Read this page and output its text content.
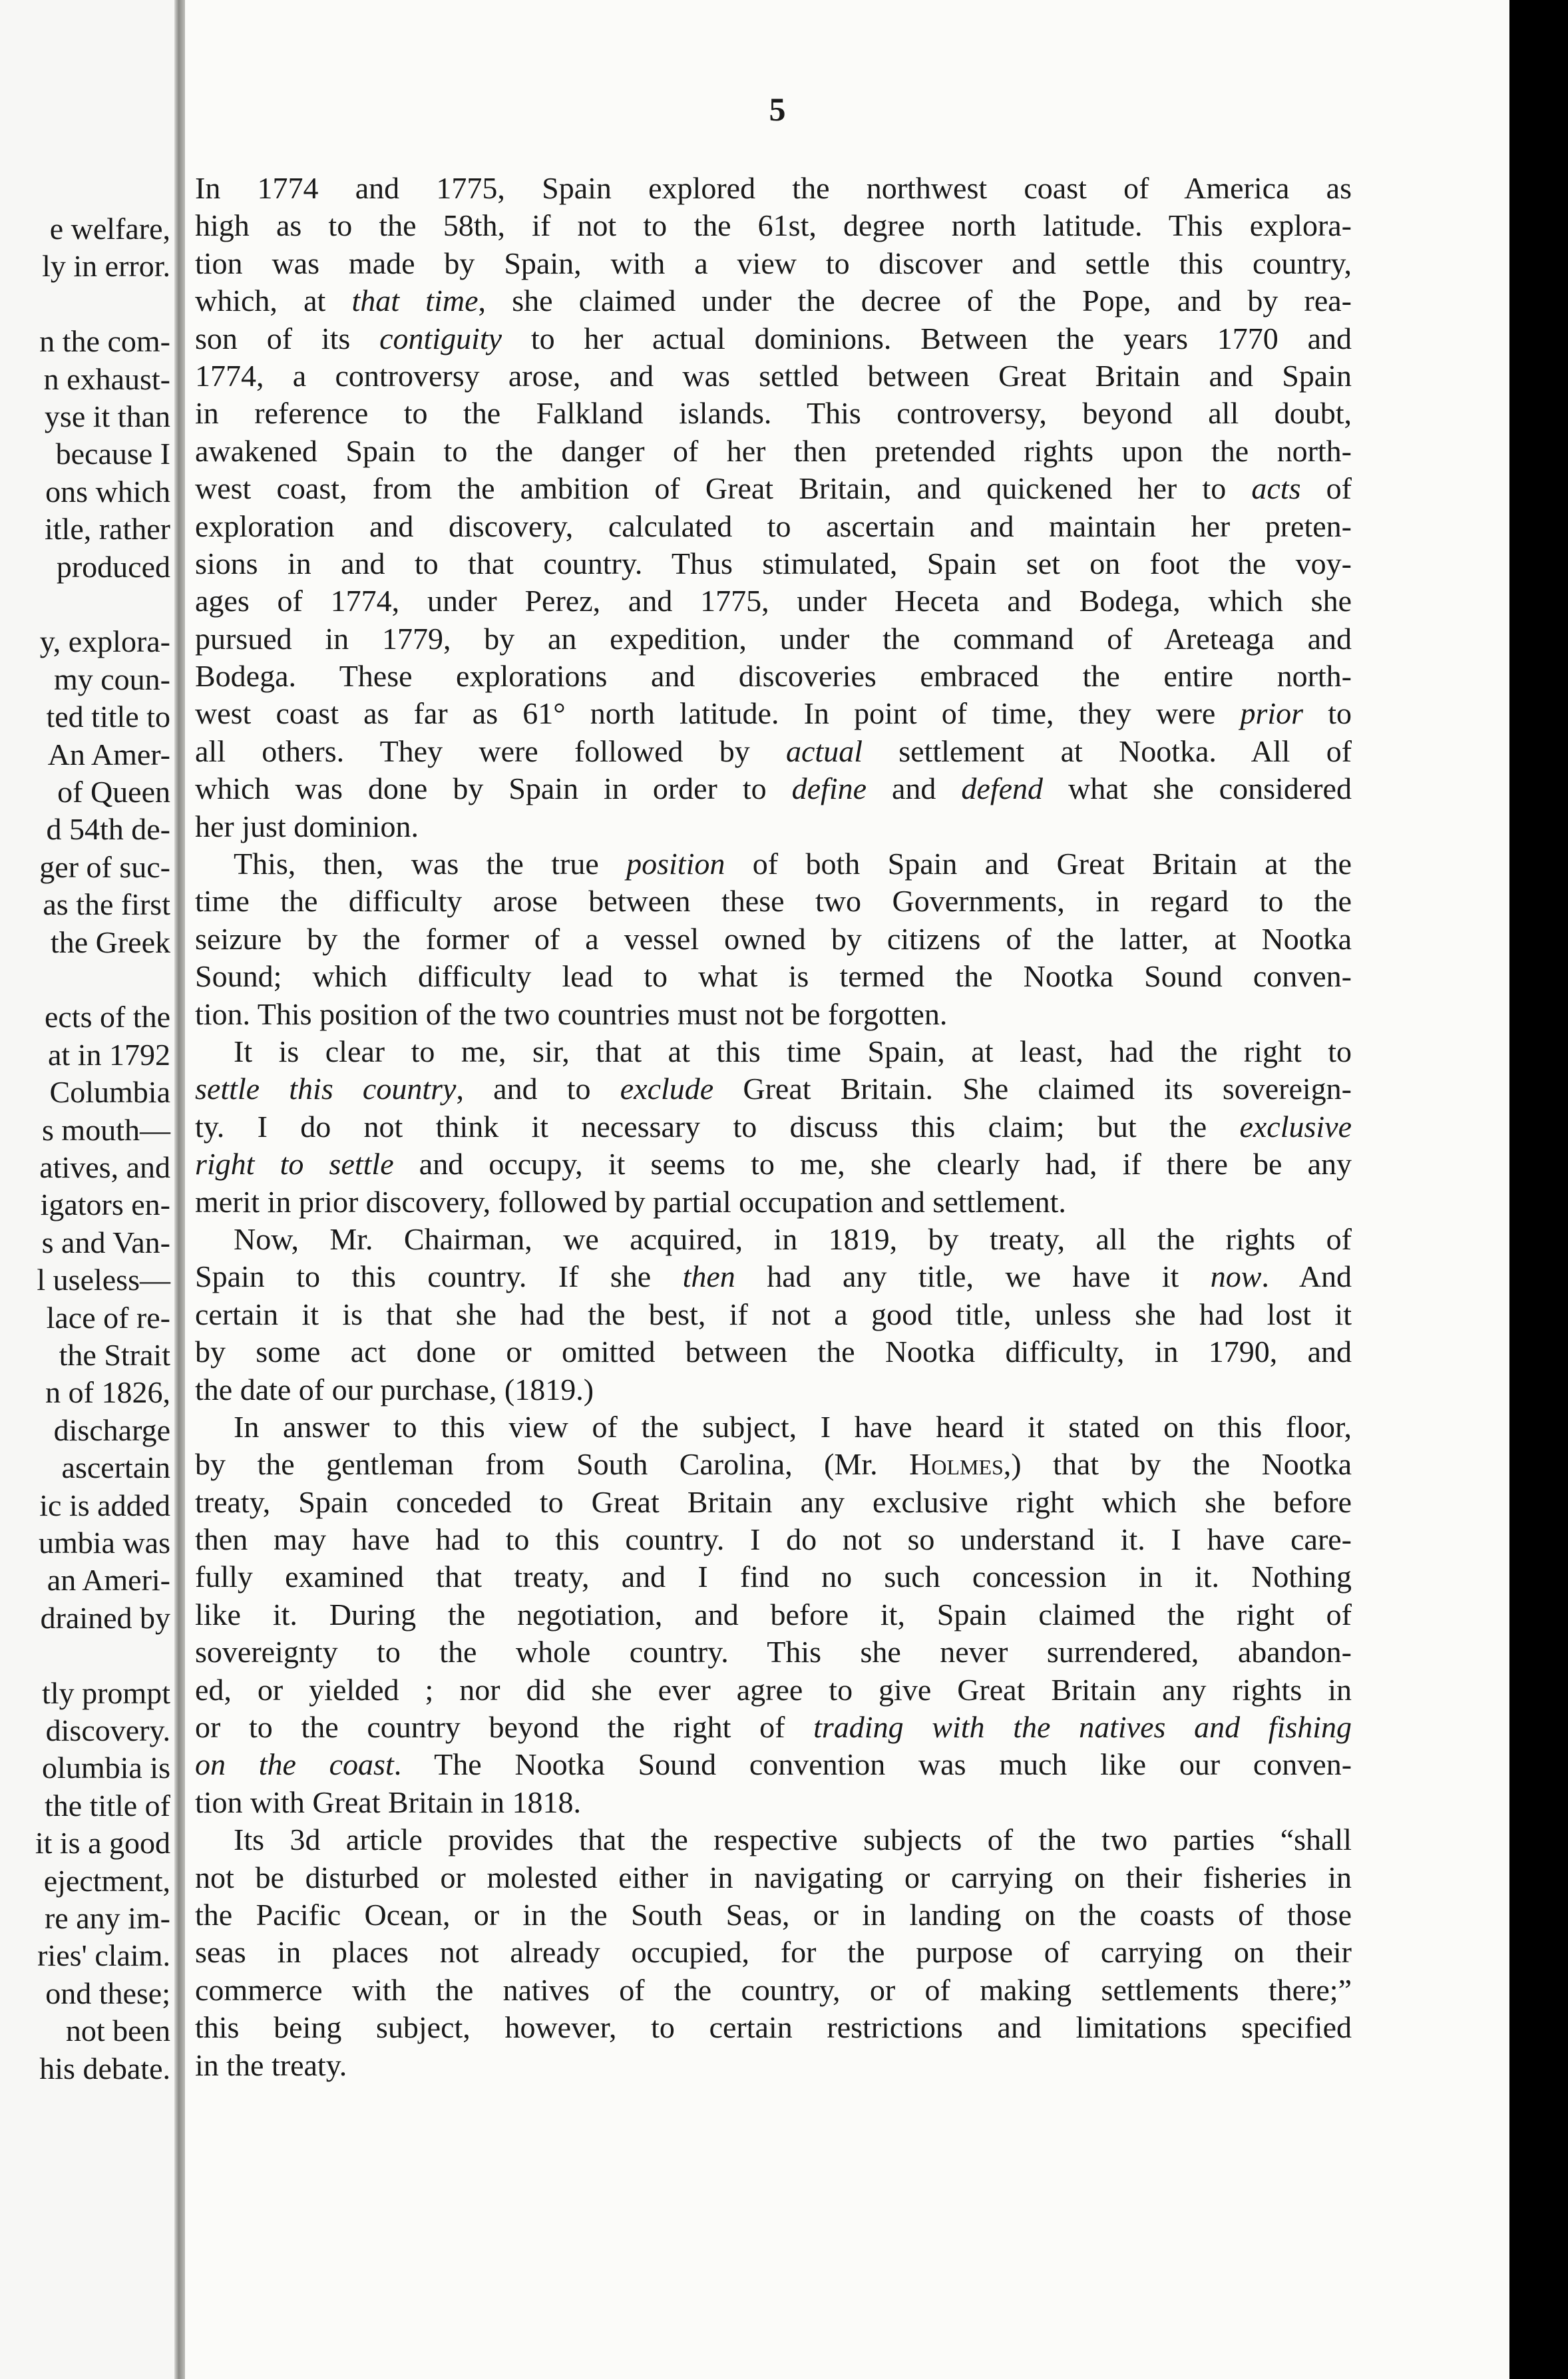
e welfare,
ly in error.
n the com-
n exhaust-
yse it than
because I
ons which
itle, rather
produced
y, explora-
my coun-
ted title to
An Amer-
of Queen
d 54th de-
ger of suc-
as the first
the Greek
ects of the
at in 1792
Columbia
s mouth—
atives, and
igators en-
s and Van-
l useless—
lace of re-
the Strait
n of 1826,
discharge
ascertain
ic is added
umbia was
an Ameri-
drained by
tly prompt
discovery.
olumbia is
the title of
it is a good
ejectment,
re any im-
ries' claim.
ond these;
not been
his debate.
5
In 1774 and 1775, Spain explored the northwest coast of America as
high as to the 58th, if not to the 61st, degree north latitude. This explora-
tion was made by Spain, with a view to discover and settle this country,
which, at that time, she claimed under the decree of the Pope, and by rea-
son of its contiguity to her actual dominions. Between the years 1770 and
1774, a controversy arose, and was settled between Great Britain and Spain
in reference to the Falkland islands. This controversy, beyond all doubt,
awakened Spain to the danger of her then pretended rights upon the north-
west coast, from the ambition of Great Britain, and quickened her to acts of
exploration and discovery, calculated to ascertain and maintain her preten-
sions in and to that country. Thus stimulated, Spain set on foot the voy-
ages of 1774, under Perez, and 1775, under Heceta and Bodega, which she
pursued in 1779, by an expedition, under the command of Areteaga and
Bodega. These explorations and discoveries embraced the entire north-
west coast as far as 61° north latitude. In point of time, they were prior to
all others. They were followed by actual settlement at Nootka. All of
which was done by Spain in order to define and defend what she considered
her just dominion.
This, then, was the true position of both Spain and Great Britain at the
time the difficulty arose between these two Governments, in regard to the
seizure by the former of a vessel owned by citizens of the latter, at Nootka
Sound; which difficulty lead to what is termed the Nootka Sound conven-
tion. This position of the two countries must not be forgotten.
It is clear to me, sir, that at this time Spain, at least, had the right to
settle this country, and to exclude Great Britain. She claimed its sovereign-
ty. I do not think it necessary to discuss this claim; but the exclusive
right to settle and occupy, it seems to me, she clearly had, if there be any
merit in prior discovery, followed by partial occupation and settlement.
Now, Mr. Chairman, we acquired, in 1819, by treaty, all the rights of
Spain to this country. If she then had any title, we have it now. And
certain it is that she had the best, if not a good title, unless she had lost it
by some act done or omitted between the Nootka difficulty, in 1790, and
the date of our purchase, (1819.)
In answer to this view of the subject, I have heard it stated on this floor,
by the gentleman from South Carolina, (Mr. Holmes,) that by the Nootka
treaty, Spain conceded to Great Britain any exclusive right which she before
then may have had to this country. I do not so understand it. I have care-
fully examined that treaty, and I find no such concession in it. Nothing
like it. During the negotiation, and before it, Spain claimed the right of
sovereignty to the whole country. This she never surrendered, abandon-
ed, or yielded ; nor did she ever agree to give Great Britain any rights in
or to the country beyond the right of trading with the natives and fishing
on the coast. The Nootka Sound convention was much like our conven-
tion with Great Britain in 1818.
Its 3d article provides that the respective subjects of the two parties “shall
not be disturbed or molested either in navigating or carrying on their fisheries in
the Pacific Ocean, or in the South Seas, or in landing on the coasts of those
seas in places not already occupied, for the purpose of carrying on their
commerce with the natives of the country, or of making settlements there;”
this being subject, however, to certain restrictions and limitations specified
in the treaty.
